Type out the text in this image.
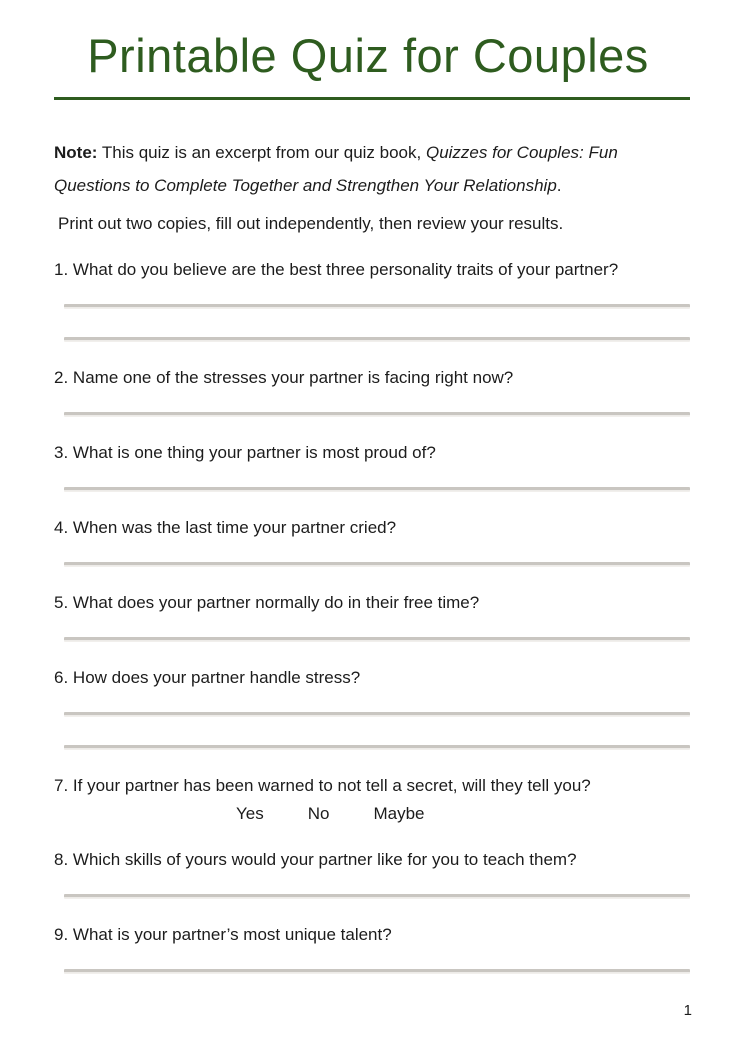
Printable Quiz for Couples

Note: This quiz is an excerpt from our quiz book, Quizzes for Couples: Fun
Questions to Complete Together and Strengthen Your Relationship.

Print out two copies, fill out independently, then review your results.

1. What do you believe are the best three personality traits of your partner?
2. Name one of the stresses your partner is facing right now?
3. What is one thing your partner is most proud of?
4. When was the last time your partner cried?
5. What does your partner normally do in their free time?
6. How does your partner handle stress?
7. If your partner has been warned to not tell a secret, will they tell you?
Yes	No	Maybe
8. Which skills of yours would your partner like for you to teach them?
9. What is your partner’s most unique talent?
1
